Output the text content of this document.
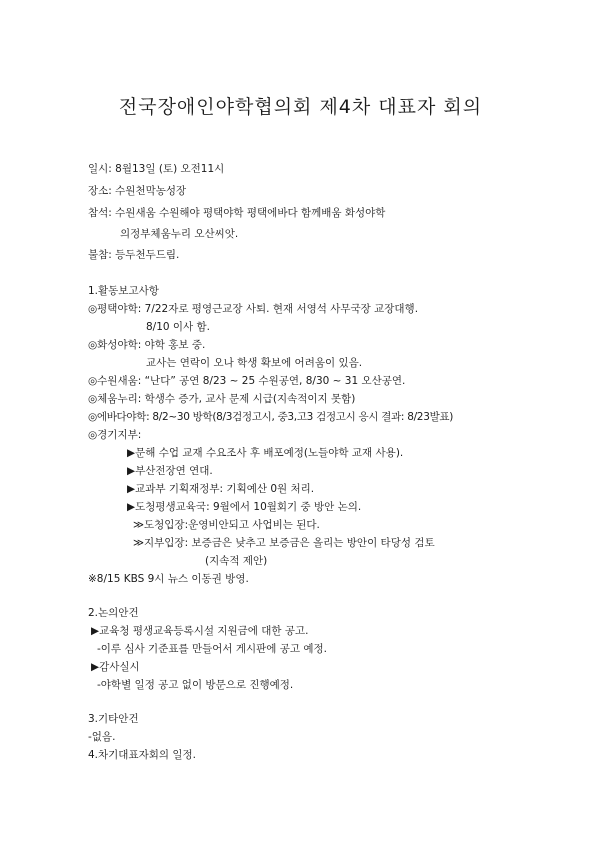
전국장애인야학협의회 제4차 대표자 회의
일시: 8월13일 (토) 오전11시
장소: 수원천막농성장
참석: 수원새움 수원해야 평택야학 평택에바다 함께배움 화성야학
의정부체움누리 오산씨앗.
불참: 등두천두드림.
1.활동보고사항
◎평택야학: 7/22자로 평영근교장 사퇴. 현재 서영석 사무국장 교장대행.
8/10 이사 함.
◎화성야학: 야학 홍보 중.
교사는 연락이 오나 학생 확보에 어려움이 있음.
◎수원새움: “난다” 공연 8/23 ~ 25 수원공연, 8/30 ~ 31 오산공연.
◎체움누리: 학생수 증가, 교사 문제 시급(지속적이지 못함)
◎에바다야학: 8/2~30 방학(8/3검정고시, 중3,고3 검정고시 응시 결과: 8/23발표)
◎경기지부:
▶문해 수업 교재 수요조사 후 배포예정(노들야학 교재 사용).
▶부산전장연 연대.
▶교과부 기획재정부: 기획예산 0원 처리.
▶도청평생교육국: 9월에서 10월회기 중 방안 논의.
≫도청입장:운영비안되고 사업비는 된다.
≫지부입장: 보증금은 낮추고 보증금은 올리는 방안이 타당성 검토
(지속적 제안)
※8/15 KBS 9시 뉴스 이동권 방영.
2.논의안건
▶교육청 평생교육등록시설 지원금에 대한 공고.
-이루 심사 기준표를 만들어서 게시판에 공고 예정.
▶감사실시
-야학별 일정 공고 없이 방문으로 진행예정.
3.기타안건
-없음.
4.차기대표자회의 일정.
